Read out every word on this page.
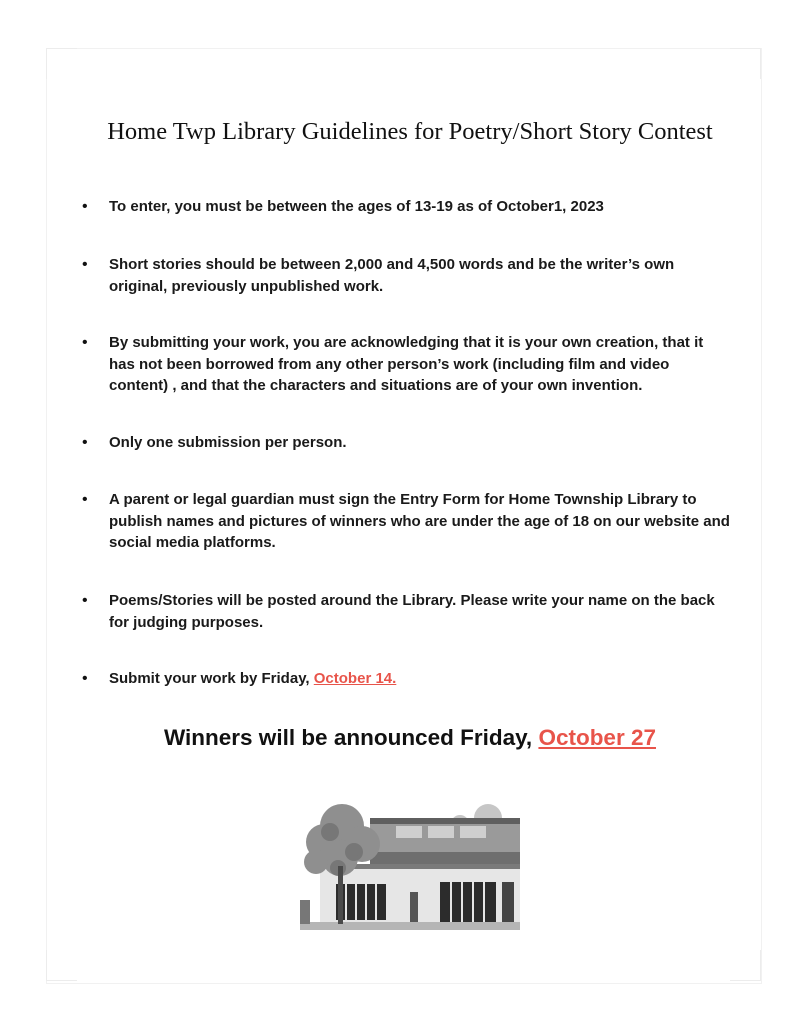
Home Twp Library Guidelines for Poetry/Short Story Contest
•	To enter, you must be between the ages of 13-19 as of October1, 2023
•	Short stories should be between 2,000 and 4,500 words and be the writer’s own original, previously unpublished work.
•	By submitting your work, you are acknowledging that it is your own creation, that it has not been borrowed from any other person’s work (including film and video content) , and that the characters and situations are of your own invention.
•	Only one submission per person.
•	A parent or legal guardian must sign the Entry Form for Home Township Library to publish names and pictures of winners who are under the age of 18 on our website and social media platforms.
•	Poems/Stories will be posted around the Library. Please write your name on the back for judging purposes.
•	Submit your work by Friday, October 14.
Winners will be announced Friday, October 27
